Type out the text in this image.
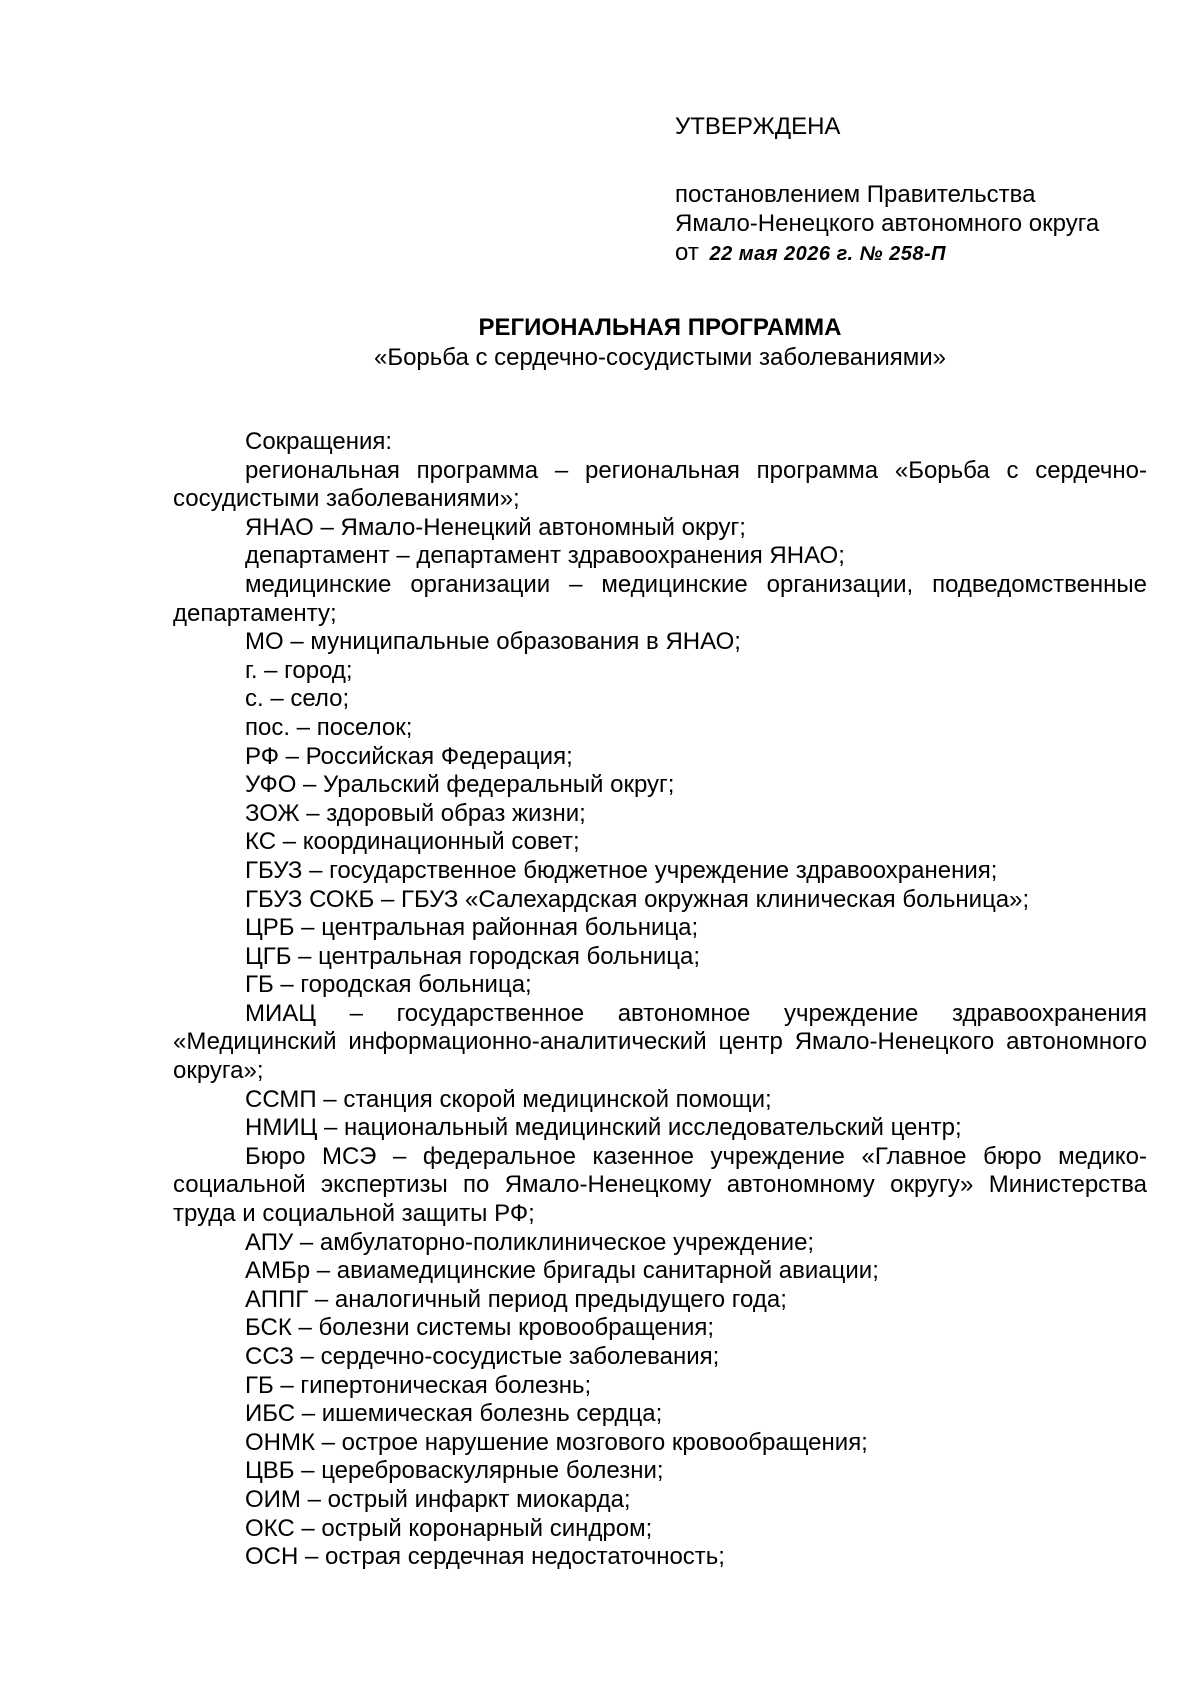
УТВЕРЖДЕНА

постановлением Правительства

Ямало-Ненецкого автономного округа

от 22 мая 2026 г. № 258-П

РЕГИОНАЛЬНАЯ ПРОГРАММА

«Борьба с сердечно-сосудистыми заболеваниями»

Сокращения:

региональная программа – региональная программа «Борьба с сердечно-сосудистыми заболеваниями»;

ЯНАО – Ямало-Ненецкий автономный округ;

департамент – департамент здравоохранения ЯНАО;

медицинские организации – медицинские организации, подведомственные департаменту;

МО – муниципальные образования в ЯНАО;

г. – город;

с. – село;

пос. – поселок;

РФ – Российская Федерация;

УФО – Уральский федеральный округ;

ЗОЖ – здоровый образ жизни;

КС – координационный совет;

ГБУЗ – государственное бюджетное учреждение здравоохранения;

ГБУЗ СОКБ – ГБУЗ «Салехардская окружная клиническая больница»;

ЦРБ – центральная районная больница;

ЦГБ – центральная городская больница;

ГБ – городская больница;

МИАЦ – государственное автономное учреждение здравоохранения «Медицинский информационно-аналитический центр Ямало-Ненецкого автономного округа»;

ССМП – станция скорой медицинской помощи;

НМИЦ – национальный медицинский исследовательский центр;

Бюро МСЭ – федеральное казенное учреждение «Главное бюро медико-социальной экспертизы по Ямало-Ненецкому автономному округу» Министерства труда и социальной защиты РФ;

АПУ – амбулаторно-поликлиническое учреждение;

АМБр – авиамедицинские бригады санитарной авиации;

АППГ – аналогичный период предыдущего года;

БСК – болезни системы кровообращения;

ССЗ – сердечно-сосудистые заболевания;

ГБ – гипертоническая болезнь;

ИБС – ишемическая болезнь сердца;

ОНМК – острое нарушение мозгового кровообращения;

ЦВБ – цереброваскулярные болезни;

ОИМ – острый инфаркт миокарда;

ОКС – острый коронарный синдром;

ОСН – острая сердечная недостаточность;
